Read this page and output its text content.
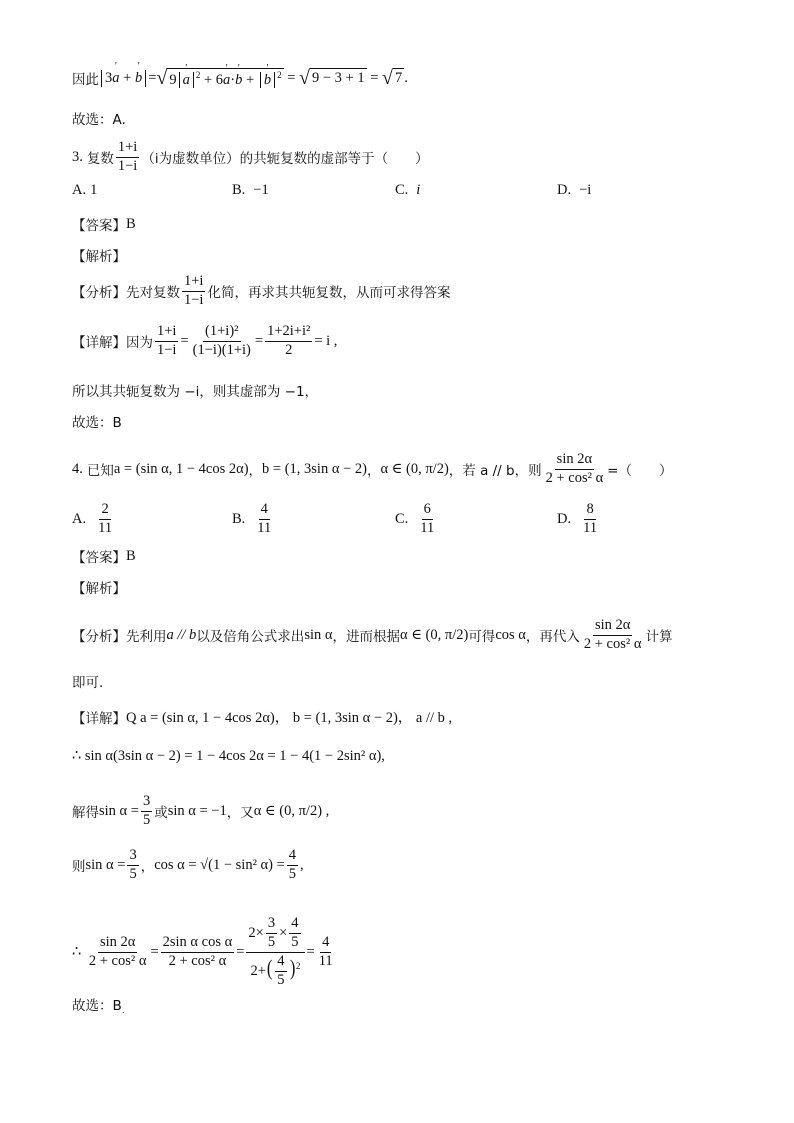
因此 3' a + ' b = √ 9' a $^2$ + 6' a·' b + ' b $^2$ = √ 9 − 3 + 1 = √ 7 .
故选：A.
3. 复数 $\frac{1+i}{1-i} (i$为虚数单位）的共轭复数的虚部等于（　　）
A. 1	B. −1	C. i	D. −i
【答案】 B
【解析】
【分析】 先对复数 $\frac{1+i}{1-i}$ 化简，再求其共轭复数，从而可求得答案
【详解】 因为 $\frac{1+i}{1-i} = \frac{\text{(1+i)²}}{(1-i)(1+i)} = \frac{\text{1+2i+i²}}{2} = i$ ,
所以其共轭复数为 −i，则其虚部为 −1，
故选：B
4. 已知 a = (sin α, 1 − 4cos 2α) ， b = (1, 3sin α − 2) ， α ∈ (0, π/2) ，若 a // b，则 $\frac{\sin 2\alpha}{\text{2 + cos² α}}$ =（　　）
A. $\frac{2}{11}$	B. $\frac{4}{11}$	C. $\frac{6}{11}$	D. $\frac{8}{11}$
【答案】 B
【解析】
【分析】 先利用 a // b 以及倍角公式求出 sin α ，进而根据 α ∈ (0, π/2) 可得 cos α ，再代入 $\frac{\sin 2\alpha}{\text{2 + cos² α}}$ 计算
即可.
【详解】 Q a = (sin α, 1 − 4cos 2α)， b = (1, 3sin α − 2)， a // b ,
∴ sin α(3sin α − 2) = 1 − 4cos 2α = 1 − 4(1 − 2sin² α),
解得 $\sin \alpha = \frac{3}{5}$ 或 sin α = −1 ，又 α ∈ (0, π/2) ,
则 $\sin \alpha = \frac{3}{5}$ ， cos α = √(1 − sin² $\alpha) = \frac{4}{5}$ ,
∴ $\frac{\sin 2\alpha}{\text{2 + cos² α}} = \frac{\text{2sin α cos α}}{\text{2 + cos² α}} = \frac{2\times \frac{3}{5} \times \frac{4}{5}}{2+( \frac{4}{5} )^2} = \frac{4}{11}$
故选：B .
